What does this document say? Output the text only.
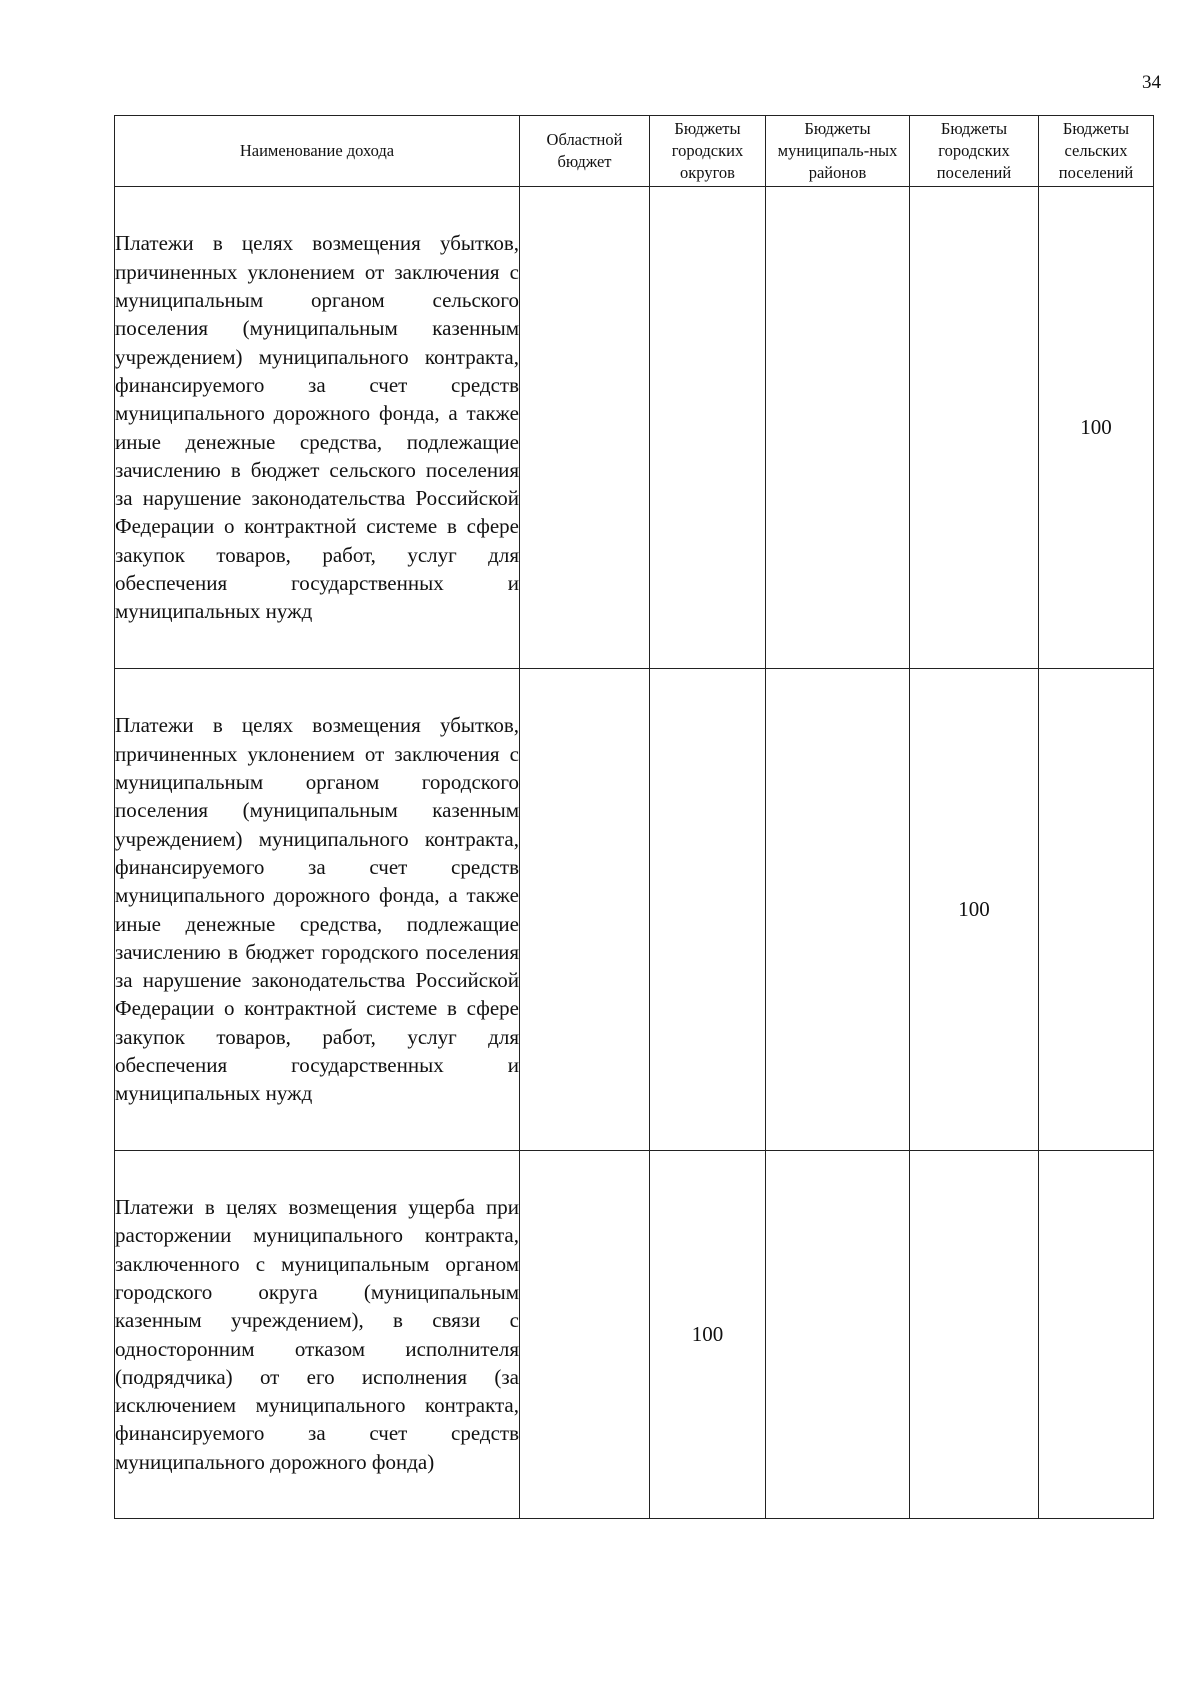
34
Наименование дохода	Областной бюджет	Бюджеты городских округов	Бюджеты муниципаль-ных районов	Бюджеты городских поселений	Бюджеты сельских поселений

Платежи в целях возмещения убытков, причиненных уклонением от заключения с муниципальным органом сельского поселения (муниципальным казенным учреждением) муниципального контракта, финансируемого за счет средств муниципального дорожного фонда, а также иные денежные средства, подлежащие зачислению в бюджет сельского поселения за нарушение законодательства Российской Федерации о контрактной системе в сфере закупок товаров, работ, услуг для обеспечения государственных и муниципальных нужд					100
Платежи в целях возмещения убытков, причиненных уклонением от заключения с муниципальным органом городского поселения (муниципальным казенным учреждением) муниципального контракта, финансируемого за счет средств муниципального дорожного фонда, а также иные денежные средства, подлежащие зачислению в бюджет городского поселения за нарушение законодательства Российской Федерации о контрактной системе в сфере закупок товаров, работ, услуг для обеспечения государственных и муниципальных нужд				100	
Платежи в целях возмещения ущерба при расторжении муниципального контракта, заключенного с муниципальным органом городского округа (муниципальным казенным учреждением), в связи с односторонним отказом исполнителя (подрядчика) от его исполнения (за исключением муниципального контракта, финансируемого за счет средств муниципального дорожного фонда)		100			
